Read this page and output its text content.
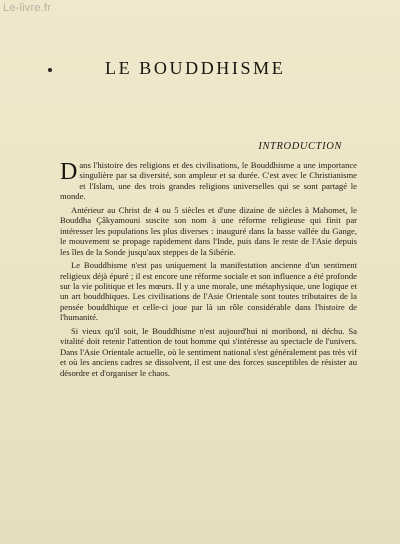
Le-livre.fr
LE BOUDDHISME
INTRODUCTION

Dans l'histoire des religions et des civilisations, le Bouddhisme a une importance singulière par sa diversité, son ampleur et sa durée. C'est avec le Christianisme et l'Islam, une des trois grandes religions universelles qui se sont partagé le monde.

Antérieur au Christ de 4 ou 5 siècles et d'une dizaine de siècles à Mahomet, le Bouddha Çâkyamouni suscite son nom à une réforme religieuse qui finit par intéresser les populations les plus diverses : inauguré dans la basse vallée du Gange, le mouvement se propage rapidement dans l'Inde, puis dans le reste de l'Asie depuis les îles de la Sonde jusqu'aux steppes de la Sibérie.

Le Bouddhisme n'est pas uniquement la manifestation ancienne d'un sentiment religieux déjà épuré ; il est encore une réforme sociale et son influence a été profonde sur la vie politique et les mœurs. Il y a une morale, une métaphysique, une logique et un art bouddhiques. Les civilisations de l'Asie Orientale sont toutes tributaires de la pensée bouddhique et celle-ci joue par là un rôle considérable dans l'histoire de l'humanité.

Si vieux qu'il soit, le Bouddhisme n'est aujourd'hui ni moribond, ni déchu. Sa vitalité doit retenir l'attention de tout homme qui s'intéresse au spectacle de l'univers. Dans l'Asie Orientale actuelle, où le sentiment national s'est généralement pas très vif et où les anciens cadres se dissolvent, il est une des forces susceptibles de résister au désordre et d'organiser le chaos.
